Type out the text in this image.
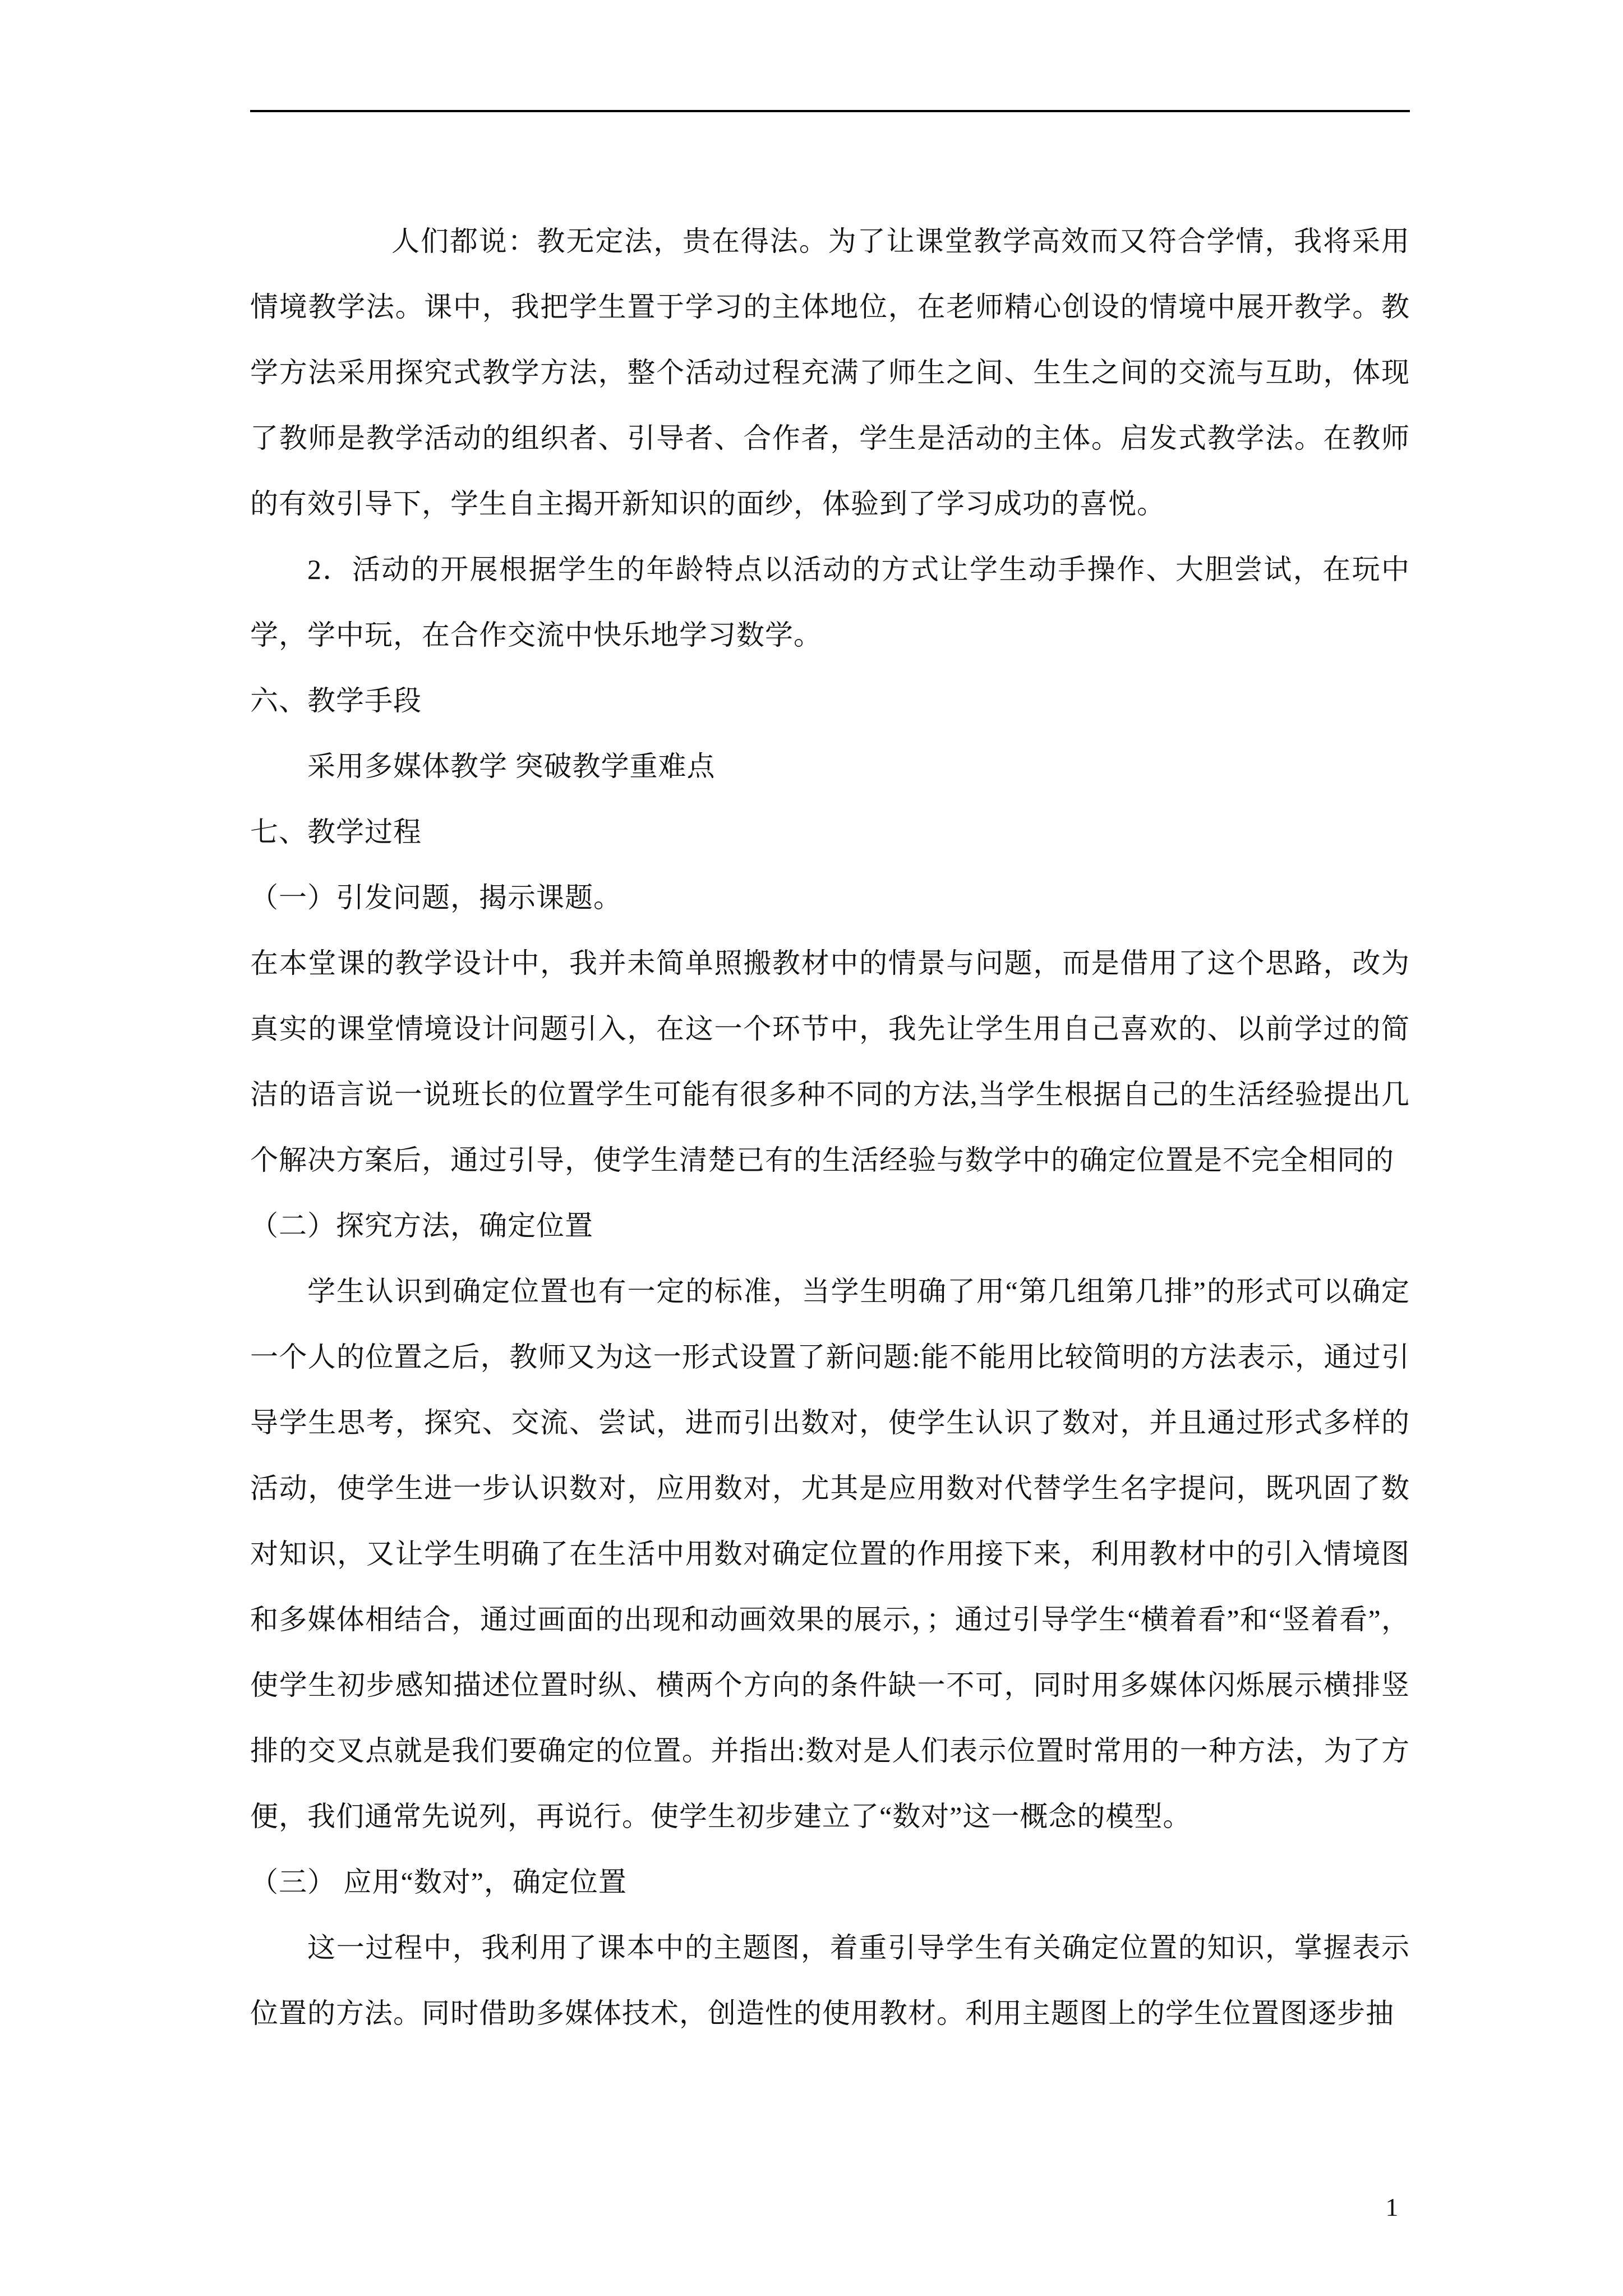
人们都说：教无定法，贵在得法。为了让课堂教学高效而又符合学情，我将采用情境教学法。课中，我把学生置于学习的主体地位，在老师精心创设的情境中展开教学。教学方法采用探究式教学方法，整个活动过程充满了师生之间、生生之间的交流与互助，体现了教师是教学活动的组织者、引导者、合作者，学生是活动的主体。启发式教学法。在教师的有效引导下，学生自主揭开新知识的面纱，体验到了学习成功的喜悦。

2．活动的开展根据学生的年龄特点以活动的方式让学生动手操作、大胆尝试，在玩中学，学中玩，在合作交流中快乐地学习数学。

六、教学手段

采用多媒体教学 突破教学重难点

七、教学过程

（一）引发问题，揭示课题。

在本堂课的教学设计中，我并未简单照搬教材中的情景与问题，而是借用了这个思路，改为真实的课堂情境设计问题引入，在这一个环节中，我先让学生用自己喜欢的、以前学过的简洁的语言说一说班长的位置学生可能有很多种不同的方法,当学生根据自己的生活经验提出几个解决方案后，通过引导，使学生清楚已有的生活经验与数学中的确定位置是不完全相同的

（二）探究方法，确定位置

学生认识到确定位置也有一定的标准，当学生明确了用“第几组第几排”的形式可以确定一个人的位置之后，教师又为这一形式设置了新问题:能不能用比较简明的方法表示，通过引导学生思考，探究、交流、尝试，进而引出数对，使学生认识了数对，并且通过形式多样的活动，使学生进一步认识数对，应用数对，尤其是应用数对代替学生名字提问，既巩固了数对知识，又让学生明确了在生活中用数对确定位置的作用接下来，利用教材中的引入情境图和多媒体相结合，通过画面的出现和动画效果的展示，；通过引导学生“横着看”和“竖着看”，使学生初步感知描述位置时纵、横两个方向的条件缺一不可，同时用多媒体闪烁展示横排竖排的交叉点就是我们要确定的位置。并指出:数对是人们表示位置时常用的一种方法，为了方便，我们通常先说列，再说行。使学生初步建立了“数对”这一概念的模型。

（三） 应用“数对”，确定位置

这一过程中，我利用了课本中的主题图，着重引导学生有关确定位置的知识，掌握表示位置的方法。同时借助多媒体技术，创造性的使用教材。利用主题图上的学生位置图逐步抽

1
